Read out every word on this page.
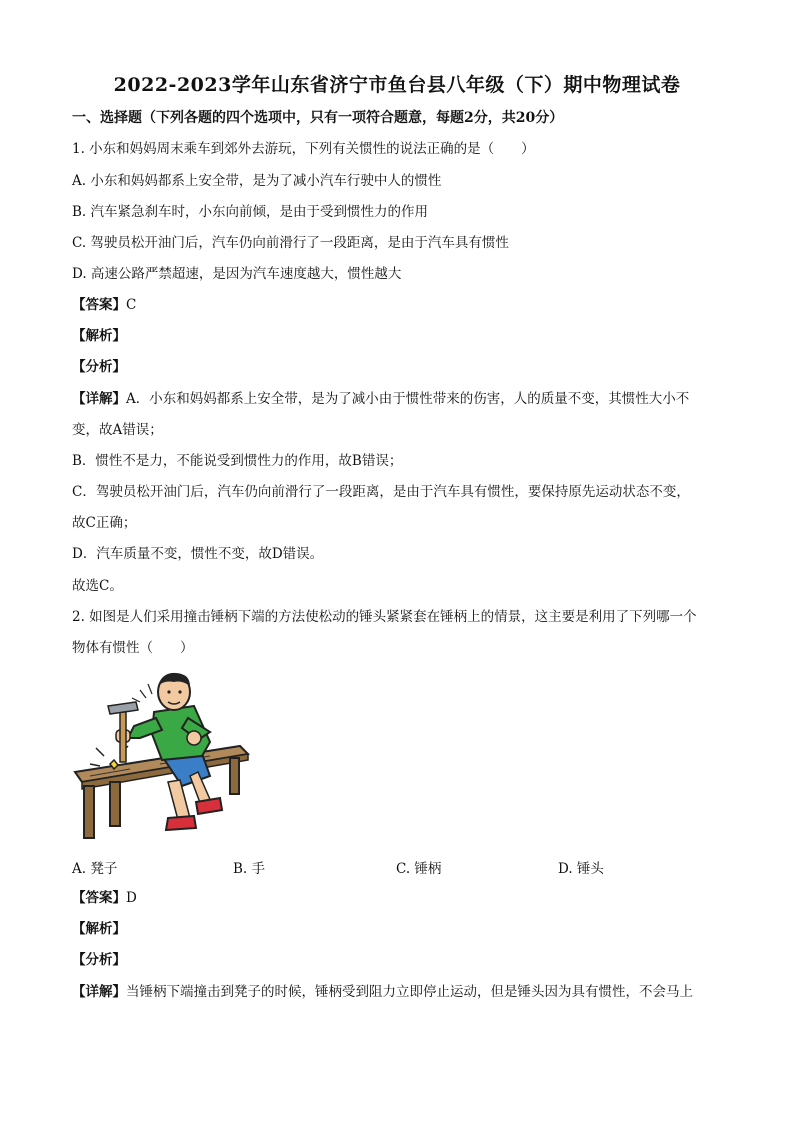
2022-2023学年山东省济宁市鱼台县八年级（下）期中物理试卷
一、选择题（下列各题的四个选项中，只有一项符合题意，每题2分，共20分）
1. 小东和妈妈周末乘车到郊外去游玩，下列有关惯性的说法正确的是（　　）
A. 小东和妈妈都系上安全带，是为了减小汽车行驶中人的惯性
B. 汽车紧急刹车时，小东向前倾，是由于受到惯性力的作用
C. 驾驶员松开油门后，汽车仍向前滑行了一段距离，是由于汽车具有惯性
D. 高速公路严禁超速，是因为汽车速度越大，惯性越大
【答案】C
【解析】
【分析】
【详解】A．小东和妈妈都系上安全带，是为了减小由于惯性带来的伤害，人的质量不变，其惯性大小不
变，故A错误；
B．惯性不是力，不能说受到惯性力的作用，故B错误；
C．驾驶员松开油门后，汽车仍向前滑行了一段距离，是由于汽车具有惯性，要保持原先运动状态不变，
故C正确；
D．汽车质量不变，惯性不变，故D错误。
故选C。
2. 如图是人们采用撞击锤柄下端的方法使松动的锤头紧紧套在锤柄上的情景，这主要是利用了下列哪一个
物体有惯性（　　）
A. 凳子	B. 手	C. 锤柄	D. 锤头
【答案】D
【解析】
【分析】
【详解】当锤柄下端撞击到凳子的时候，锤柄受到阻力立即停止运动，但是锤头因为具有惯性，不会马上
